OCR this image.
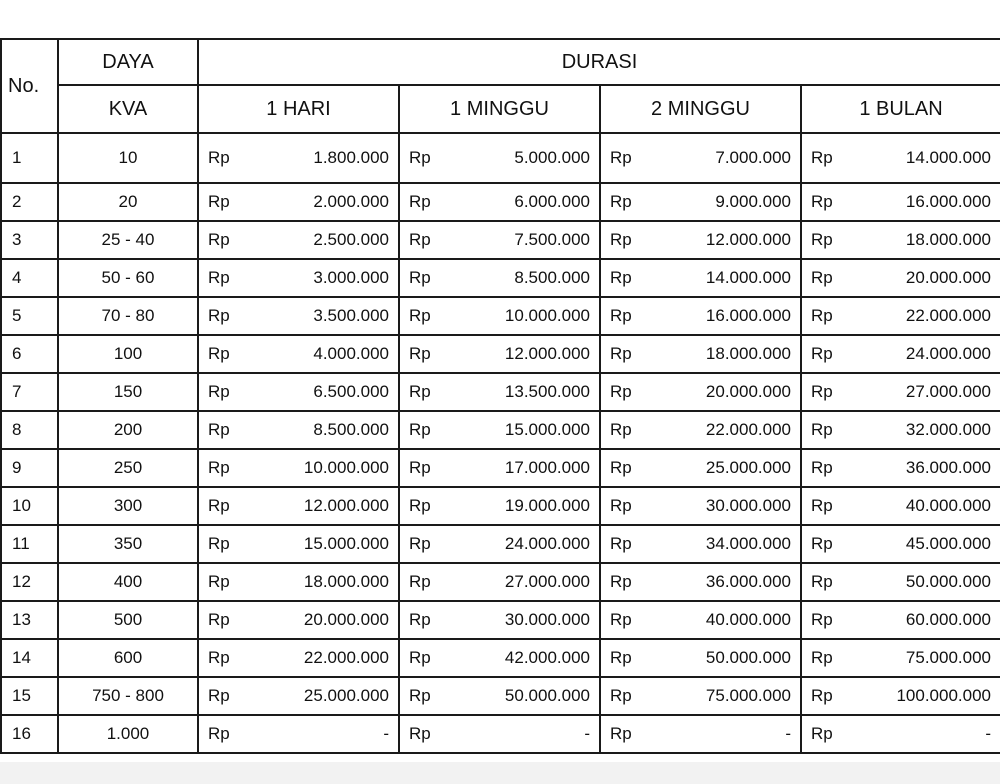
No.	DAYA	DURASI			
	KVA	1 HARI	1 MINGGU	2 MINGGU	1 BULAN
1	10	Rp 1.800.000	Rp 5.000.000	Rp 7.000.000	Rp 14.000.000

2	20	Rp 2.000.000	Rp 6.000.000	Rp 9.000.000	Rp 16.000.000

3	25 - 40	Rp 2.500.000	Rp 7.500.000	Rp 12.000.000	Rp 18.000.000

4	50 - 60	Rp 3.000.000	Rp 8.500.000	Rp 14.000.000	Rp 20.000.000

5	70 - 80	Rp 3.500.000	Rp 10.000.000	Rp 16.000.000	Rp 22.000.000

6	100	Rp 4.000.000	Rp 12.000.000	Rp 18.000.000	Rp 24.000.000

7	150	Rp 6.500.000	Rp 13.500.000	Rp 20.000.000	Rp 27.000.000

8	200	Rp 8.500.000	Rp 15.000.000	Rp 22.000.000	Rp 32.000.000

9	250	Rp 10.000.000	Rp 17.000.000	Rp 25.000.000	Rp 36.000.000

10	300	Rp 12.000.000	Rp 19.000.000	Rp 30.000.000	Rp 40.000.000

11	350	Rp 15.000.000	Rp 24.000.000	Rp 34.000.000	Rp 45.000.000

12	400	Rp 18.000.000	Rp 27.000.000	Rp 36.000.000	Rp 50.000.000

13	500	Rp 20.000.000	Rp 30.000.000	Rp 40.000.000	Rp 60.000.000

14	600	Rp 22.000.000	Rp 42.000.000	Rp 50.000.000	Rp 75.000.000

15	750 - 800	Rp 25.000.000	Rp 50.000.000	Rp 75.000.000	Rp 100.000.000

16	1.000	Rp -	Rp -	Rp -	Rp -
